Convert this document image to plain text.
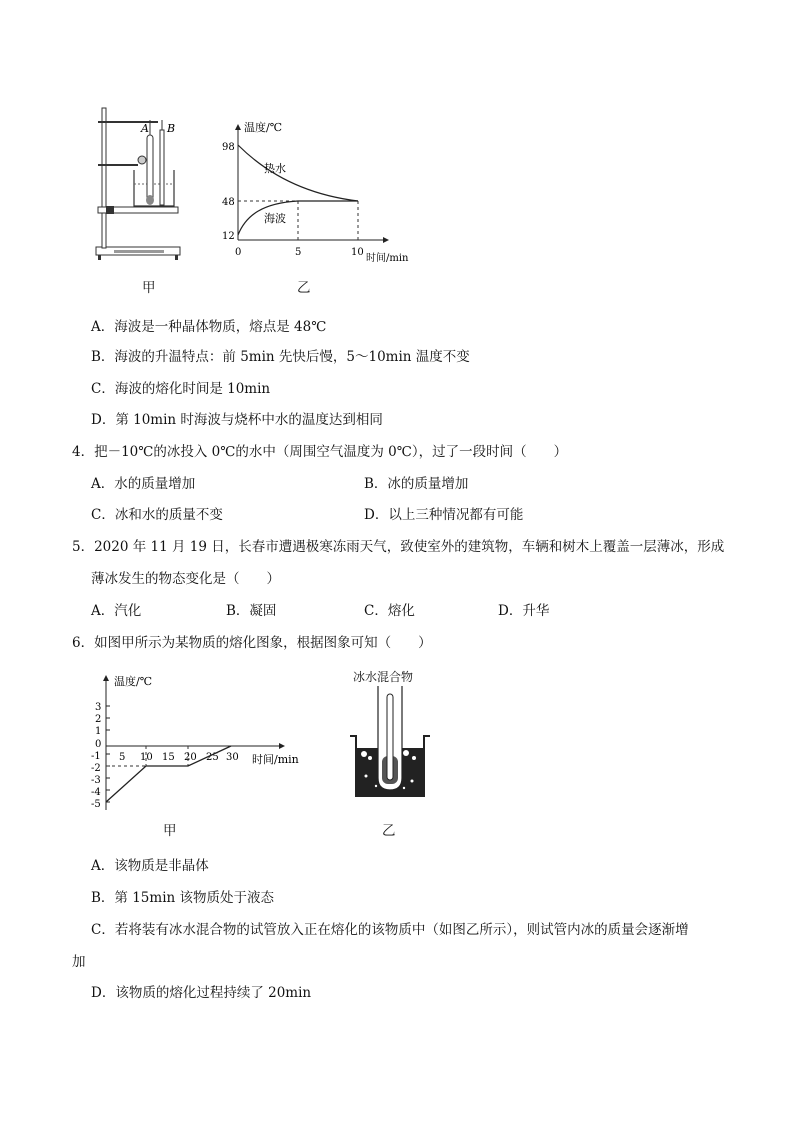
A B
甲
温度/℃
时间/min
98
48
12
0	5	10
热水
海波
乙
A．海波是一种晶体物质，熔点是 48℃
B．海波的升温特点：前 5min 先快后慢，5～10min 温度不变
C．海波的熔化时间是 10min
D．第 10min 时海波与烧杯中水的温度达到相同
4．把－10℃的冰投入 0℃的水中（周围空气温度为 0℃），过了一段时间（　　）
A．水的质量增加	B．冰的质量增加
C．冰和水的质量不变	D．以上三种情况都有可能
5．2020 年 11 月 19 日，长春市遭遇极寒冻雨天气，致使室外的建筑物，车辆和树木上覆盖一层薄冰，形成
薄冰发生的物态变化是（　　）
A．汽化	B．凝固	C．熔化	D．升华
6．如图甲所示为某物质的熔化图象，根据图象可知（　　）
温度/℃
时间/min
3
2
1
0
-1
-2
-3
-4
-5
5 10 15 20 25 30
甲
冰水混合物
乙
A．该物质是非晶体
B．第 15min 该物质处于液态
C．若将装有冰水混合物的试管放入正在熔化的该物质中（如图乙所示），则试管内冰的质量会逐渐增
加
D．该物质的熔化过程持续了 20min
